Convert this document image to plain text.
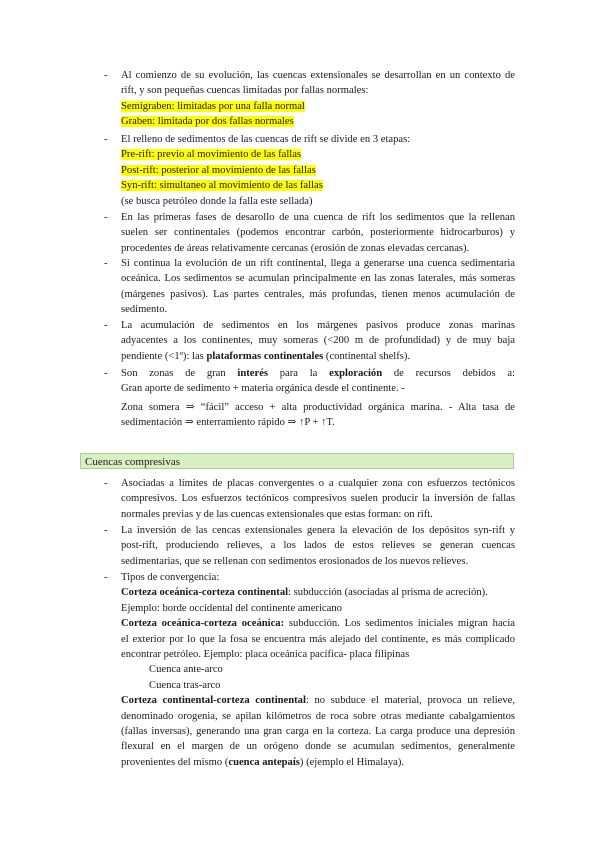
- Al comienzo de su evolución, las cuencas extensionales se desarrollan en un contexto de
rift, y son pequeñas cuencas limitadas por fallas normales:
Semigraben: limitadas por una falla normal
Graben: limitada por dos fallas normales
- El relleno de sedimentos de las cuencas de rift se divide en 3 etapas:
Pre-rift: previo al movimiento de las fallas
Post-rift: posterior al movimiento de las fallas
Syn-rift: simultaneo al movimiento de las fallas
(se busca petróleo donde la falla este sellada)
- En las primeras fases de desarollo de una cuenca de rift los sedimentos que la rellenan
suelen ser continentales (podemos encontrar carbón, posteriormente hidrocarburos) y
procedentes de áreas relativamente cercanas (erosión de zonas elevadas cercanas).
- Si continua la evolución de un rift continental, llega a generarse una cuenca sedimentaria
oceánica. Los sedimentos se acumulan principalmente en las zonas laterales, más someras
(márgenes pasivos). Las partes centrales, más profundas, tienen menos acumulación de
sedimento.
- La acumulación de sedimentos en los márgenes pasivos produce zonas marinas
adyacentes a los continentes, muy someras (<200 m de profundidad) y de muy baja
pendiente (<1º): las plataformas continentales (continental shelfs).
- Son zonas de gran interés para la exploración de recursos debidos a:
Gran aporte de sedimento + materia orgánica desde el continente. -
Zona somera ⇒ “fácil” acceso + alta productividad orgánica marina. - Alta tasa de
sedimentación ⇒ enterramiento rápido ⇒ ↑P + ↑T.
Cuencas compresivas
- Asociadas a límites de placas convergentes o a cualquier zona con esfuerzos tectónicos
compresivos. Los esfuerzos tectónicos compresivos suelen producir la inversión de fallas
normales previas y de las cuencas extensionales que estas forman: on rift.
- La inversión de las cencas extensionales genera la elevación de los depósitos syn-rift y
post-rift, produciendo relieves, a los lados de estos relieves se generan cuencas
sedimentarias, que se rellenan con sedimentos erosionados de los nuevos relieves.
- Tipos de convergencia:
Corteza oceánica-corteza continental: subducción (asociadas al prisma de acreción).
Ejemplo: borde occidental del continente americano
Corteza oceánica-corteza oceánica: subducción. Los sedimentos iniciales migran hacia
el exterior por lo que la fosa se encuentra más alejado del continente, es más complicado
encontrar petróleo. Ejemplo: placa oceánica pacífica- placa filipinas
Cuenca ante-arco
Cuenca tras-arco
Corteza continental-corteza continental: no subduce el material, provoca un relieve,
denominado orogenia, se apilan kilómetros de roca sobre otras mediante cabalgamientos
(fallas inversas), generando una gran carga en la corteza. La carga produce una depresión
flexural en el margen de un orógeno donde se acumulan sedimentos, generalmente
provenientes del mismo (cuenca antepaís) (ejemplo el Himalaya).
